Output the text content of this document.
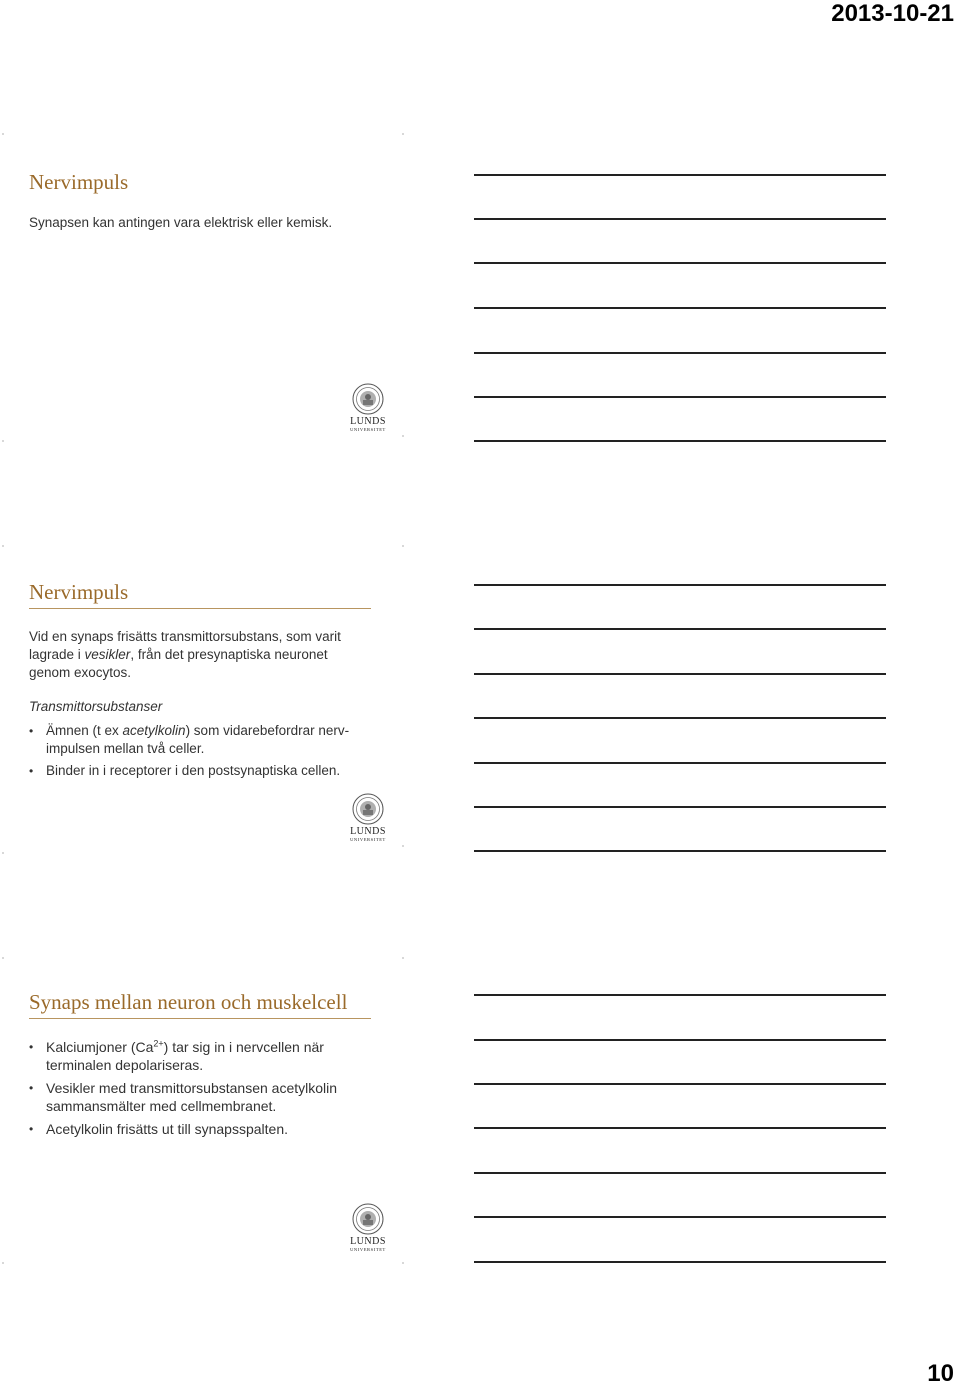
2013-10-21
Nervimpuls

Synapsen kan antingen vara elektrisk eller kemisk.

LUNDS
UNIVERSITET
Nervimpuls

Vid en synaps frisätts transmittorsubstans, som varit lagrade i vesikler, från det presynaptiska neuronet genom exocytos.

Transmittorsubstanser

• Ämnen (t ex acetylkolin) som vidarebefordrar nerv-impulsen mellan två celler.
• Binder in i receptorer i den postsynaptiska cellen.
LUNDS
UNIVERSITET
Synaps mellan neuron och muskelcell
• Kalciumjoner $(Ca^{2+})$ tar sig in i nervcellen när terminalen depolariseras.
• Vesikler med transmittorsubstansen acetylkolin sammansmälter med cellmembranet.
• Acetylkolin frisätts ut till synapsspalten.
LUNDS
UNIVERSITET
10
